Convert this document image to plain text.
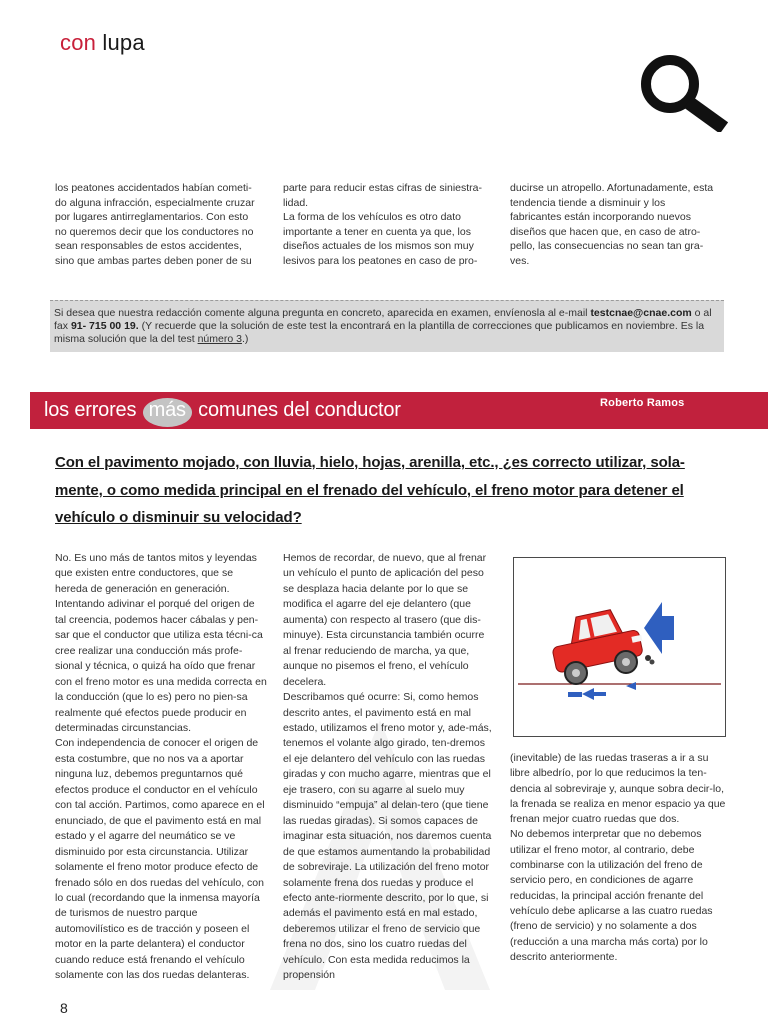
con lupa

los peatones accidentados habían cometi-do alguna infracción, especialmente cruzar por lugares antirreglamentarios. Con esto no queremos decir que los conductores no sean responsables de estos accidentes, sino que ambas partes deben poner de su

parte para reducir estas cifras de siniestra-lidad.
La forma de los vehículos es otro dato importante a tener en cuenta ya que, los diseños actuales de los mismos son muy lesivos para los peatones en caso de pro-

ducirse un atropello. Afortunadamente, esta tendencia tiende a disminuir y los fabricantes están incorporando nuevos diseños que hacen que, en caso de atro-pello, las consecuencias no sean tan gra-ves.

Si desea que nuestra redacción comente alguna pregunta en concreto, aparecida en examen, envíenosla al e-mail testcnae@cnae.com o al fax 91- 715 00 19. (Y recuerde que la solución de este test la encontrará en la plantilla de correcciones que publicamos en noviembre. Es la misma solución que la del test número 3.)
los errores más comunes del conductor	Roberto Ramos
Con el pavimento mojado, con lluvia, hielo, hojas, arenilla, etc., ¿es correcto utilizar, sola-mente, o como medida principal en el frenado del vehículo, el freno motor para detener el vehículo o disminuir su velocidad?

No. Es uno más de tantos mitos y leyendas que existen entre conductores, que se hereda de generación en generación. Intentando adivinar el porqué del origen de tal creencia, podemos hacer cábalas y pen-sar que el conductor que utiliza esta técni-ca cree realizar una conducción más profe-sional y técnica, o quizá ha oído que frenar con el freno motor es una medida correcta en la conducción (que lo es) pero no pien-sa realmente qué efectos puede producir en determinadas circunstancias.
Con independencia de conocer el origen de esta costumbre, que no nos va a aportar ninguna luz, debemos preguntarnos qué efectos produce el conductor en el vehículo con tal acción. Partimos, como aparece en el enunciado, de que el pavimento está en mal estado y el agarre del neumático se ve disminuido por esta circunstancia. Utilizar solamente el freno motor produce efecto de frenado sólo en dos ruedas del vehículo, con lo cual (recordando que la inmensa mayoría de turismos de nuestro parque automovilístico es de tracción y poseen el motor en la parte delantera) el conductor cuando reduce está frenando el vehículo solamente con las dos ruedas delanteras.

Hemos de recordar, de nuevo, que al frenar un vehículo el punto de aplicación del peso se desplaza hacia delante por lo que se modifica el agarre del eje delantero (que aumenta) con respecto al trasero (que dis-minuye). Esta circunstancia también ocurre al frenar reduciendo de marcha, ya que, aunque no pisemos el freno, el vehículo decelera.
Describamos qué ocurre: Si, como hemos descrito antes, el pavimento está en mal estado, utilizamos el freno motor y, ade-más, tenemos el volante algo girado, ten-dremos el eje delantero del vehículo con las ruedas giradas y con mucho agarre, mientras que el eje trasero, con su agarre al suelo muy disminuido “empuja” al delan-tero (que tiene las ruedas giradas). Si somos capaces de imaginar esta situación, nos daremos cuenta de que estamos aumentando la probabilidad de sobreviraje. La utilización del freno motor solamente frena dos ruedas y produce el efecto ante-riormente descrito, por lo que, si además el pavimento está en mal estado, deberemos utilizar el freno de servicio que frena no dos, sino los cuatro ruedas del vehículo. Con esta medida reducimos la propensión

(inevitable) de las ruedas traseras a ir a su libre albedrío, por lo que reducimos la ten-dencia al sobreviraje y, aunque sobra decir-lo, la frenada se realiza en menor espacio ya que frenan mejor cuatro ruedas que dos.
No debemos interpretar que no debemos utilizar el freno motor, al contrario, debe combinarse con la utilización del freno de servicio pero, en condiciones de agarre reducidas, la principal acción frenante del vehículo debe aplicarse a las cuatro ruedas (freno de servicio) y no solamente a dos (reducción a una marcha más corta) por lo descrito anteriormente.

8
